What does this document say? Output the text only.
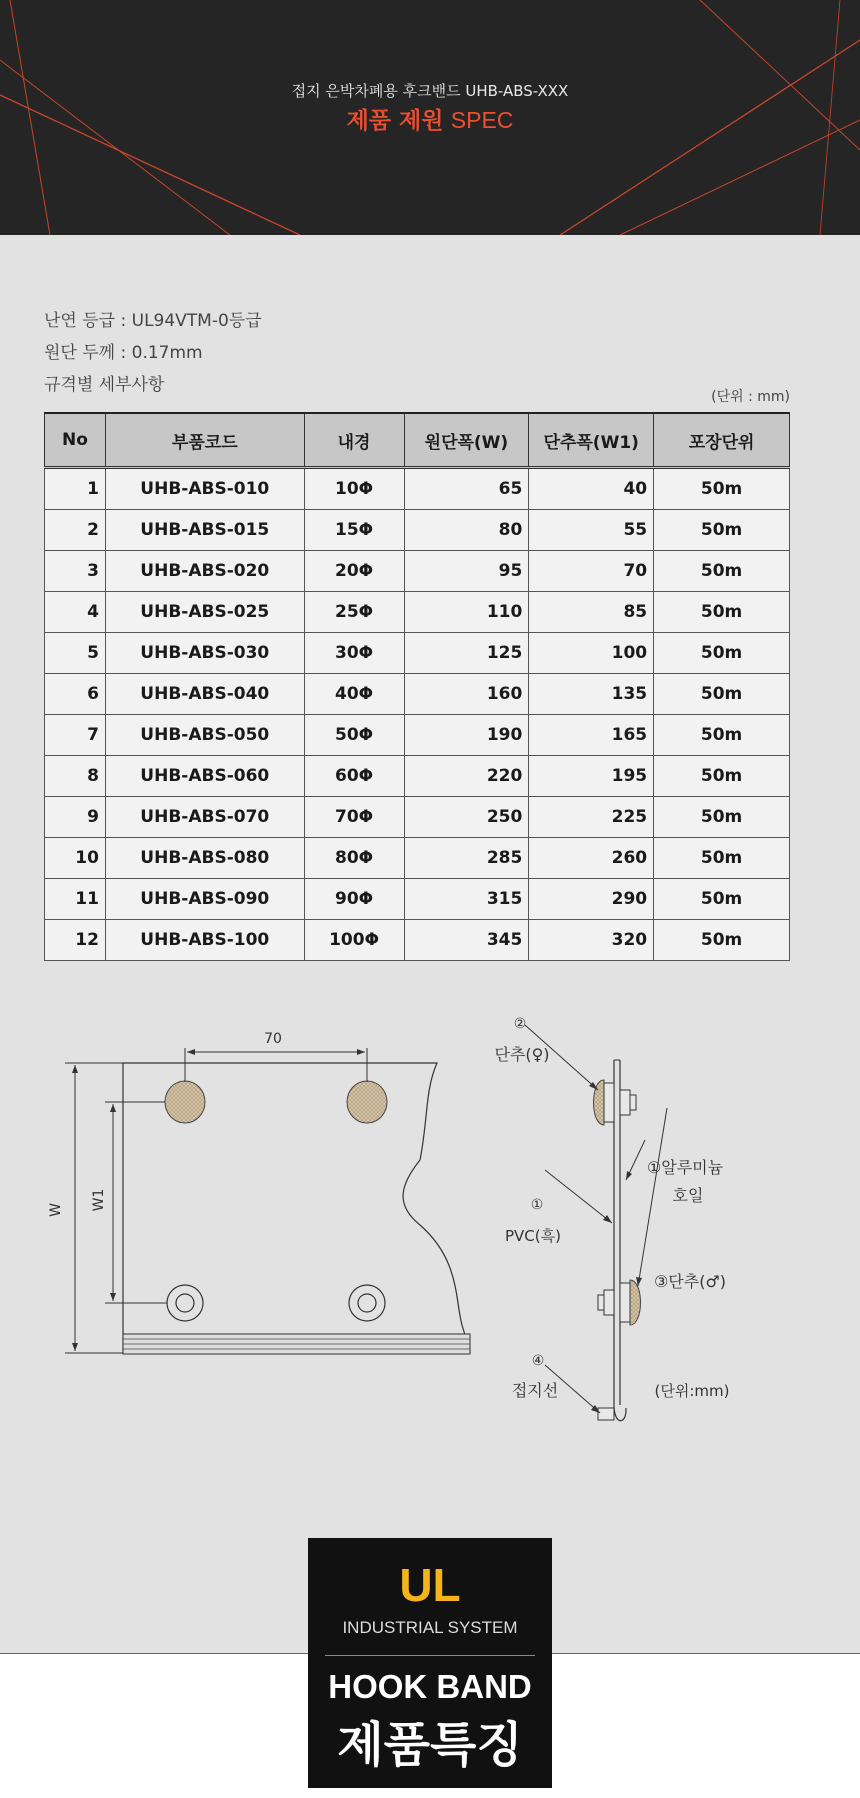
접지 은박차폐용 후크밴드 UHB-ABS-XXX
제품 제원 SPEC
난연 등급 : UL94VTM-0등급
원단 두께 : 0.17mm
규격별 세부사항
(단위 : mm)
No	부품코드	내경	원단폭(W)	단추폭(W1)	포장단위
1	UHB-ABS-010	10Φ	65	40	50m
2	UHB-ABS-015	15Φ	80	55	50m
3	UHB-ABS-020	20Φ	95	70	50m
4	UHB-ABS-025	25Φ	110	85	50m
5	UHB-ABS-030	30Φ	125	100	50m
6	UHB-ABS-040	40Φ	160	135	50m
7	UHB-ABS-050	50Φ	190	165	50m
8	UHB-ABS-060	60Φ	220	195	50m
9	UHB-ABS-070	70Φ	250	225	50m
10	UHB-ABS-080	80Φ	285	260	50m
11	UHB-ABS-090	90Φ	315	290	50m
12	UHB-ABS-100	100Φ	345	320	50m
70
W W1
②
단추(♀)
①알루미늄
호일
①
PVC(흑)
③단추(♂)
(단위:mm)
④
접지선
UL
INDUSTRIAL SYSTEM
HOOK BAND
제품특징
